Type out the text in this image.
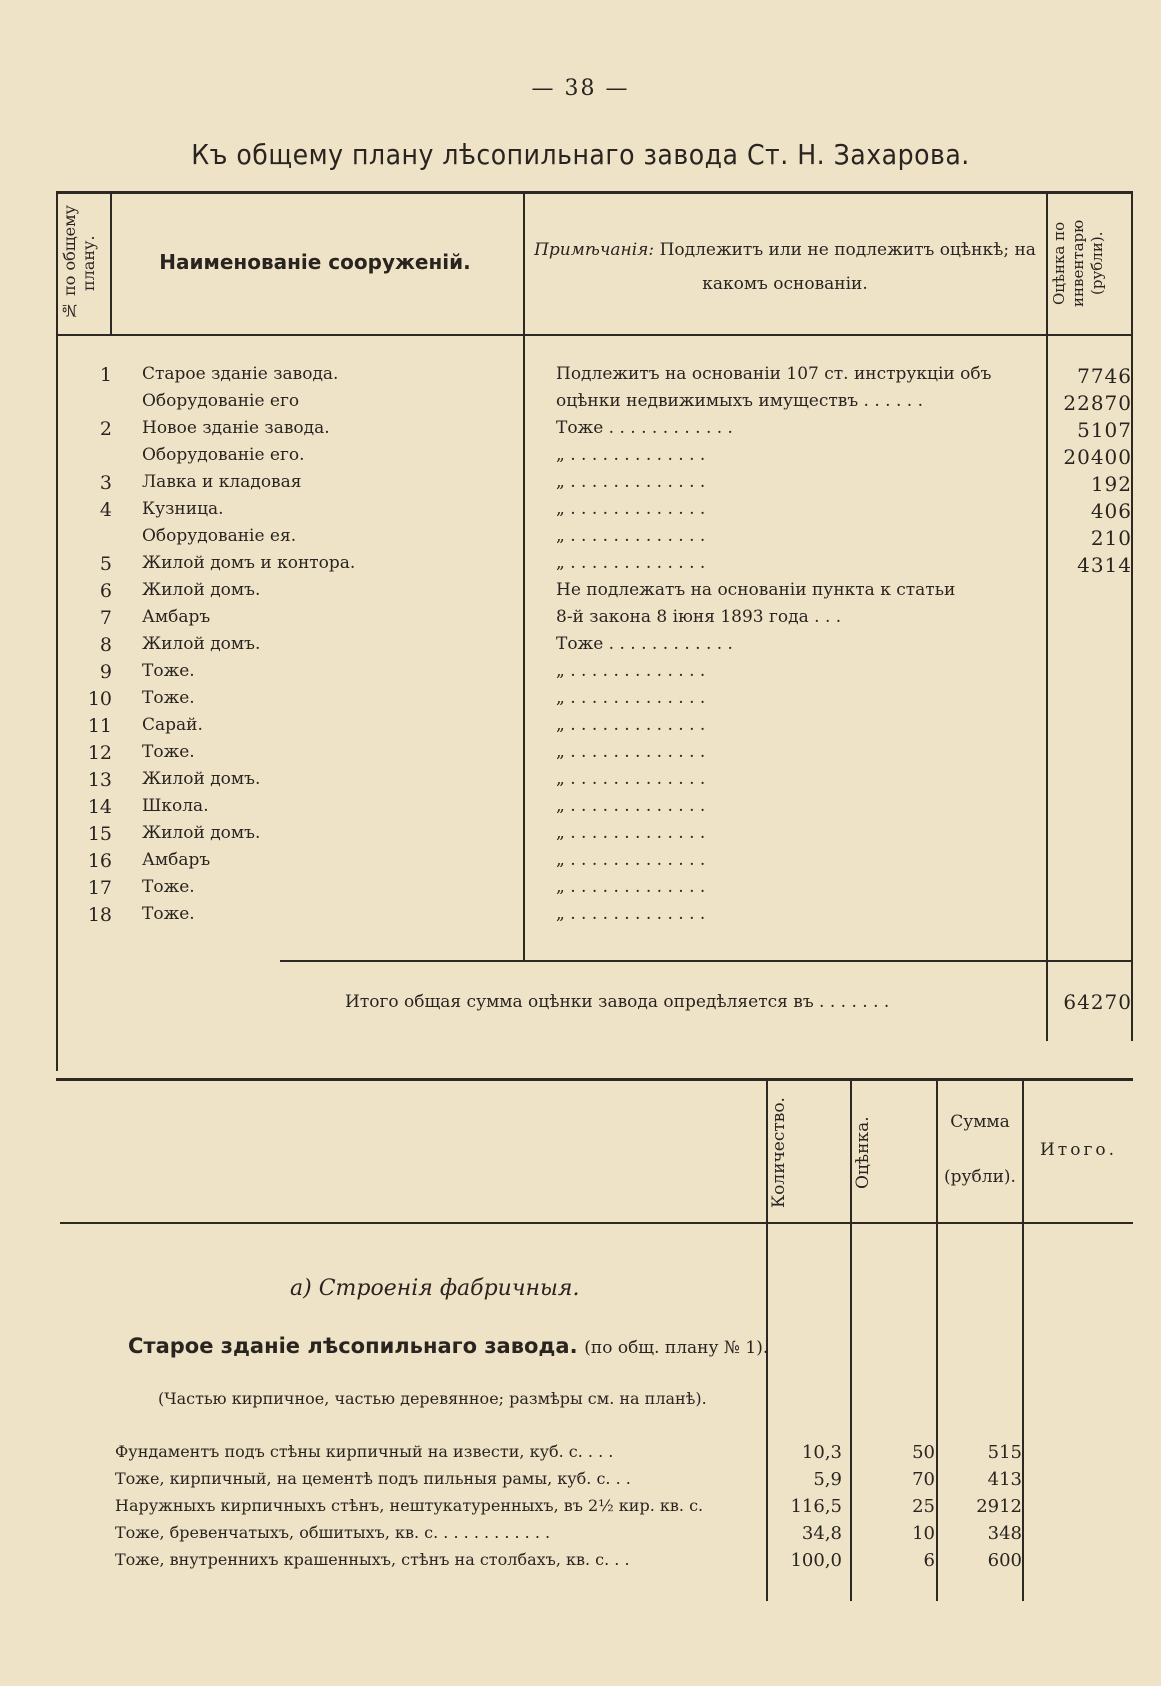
— 38 —
Къ общему плану лѣсопильнаго завода Ст. Н. Захарова.
№ по общему плану.	Наименованіе сооруженій.	Примѣчанія: Подлежитъ или не подлежитъ оцѣнкѣ; на какомъ основаніи.	Оцѣнка по инвентарю (рубли).
1 Старое зданіе завода.	Подлежитъ на основаніи 107 ст. инструкціи объ	7746
Оборудованіе его	оцѣнки недвижимыхъ имуществъ . . . . . .	22870
2 Новое зданіе завода.	Тоже . . . . . . . . . . . .	5107
Оборудованіе его.	„ . . . . . . . . . . . . .	20400
3 Лавка и кладовая	„ . . . . . . . . . . . . .	192
4 Кузница.	„ . . . . . . . . . . . . .	406
Оборудованіе ея.	„ . . . . . . . . . . . . .	210
5 Жилой домъ и контора.	„ . . . . . . . . . . . . .	4314
6 Жилой домъ.	Не подлежатъ на основаніи пункта к статьи
7 Амбаръ	8-й закона 8 іюня 1893 года . . .
8 Жилой домъ.	Тоже . . . . . . . . . . . .
9 Тоже.	„ . . . . . . . . . . . . .
10 Тоже.	„ . . . . . . . . . . . . .
11 Сарай.	„ . . . . . . . . . . . . .
12 Тоже.	„ . . . . . . . . . . . . .
13 Жилой домъ.	„ . . . . . . . . . . . . .
14 Школа.	„ . . . . . . . . . . . . .
15 Жилой домъ.	„ . . . . . . . . . . . . .
16 Амбаръ	„ . . . . . . . . . . . . .
17 Тоже.	„ . . . . . . . . . . . . .
18 Тоже.	„ . . . . . . . . . . . . .
Итого общая сумма оцѣнки завода опредѣляется въ . . . . . . .	64270
Количество.	Оцѣнка.	Сумма
(рубли).
Итого.
а) Строенія фабричныя.
Старое зданіе лѣсопильнаго завода. (по общ. плану № 1).
(Частью кирпичное, частью деревянное; размѣры см. на планѣ).
Фундаментъ подъ стѣны кирпичный на извести, куб. с. . . .	10,3	50	515
Тоже, кирпичный, на цементѣ подъ пильныя рамы, куб. с. . .	5,9	70	413
Наружныхъ кирпичныхъ стѣнъ, нештукатуренныхъ, въ 2½ кир. кв. с.	116,5	25	2912
Тоже, бревенчатыхъ, обшитыхъ, кв. с. . . . . . . . . . . .	34,8	10	348
Тоже, внутреннихъ крашенныхъ, стѣнъ на столбахъ, кв. с. . .	100,0	6	600
